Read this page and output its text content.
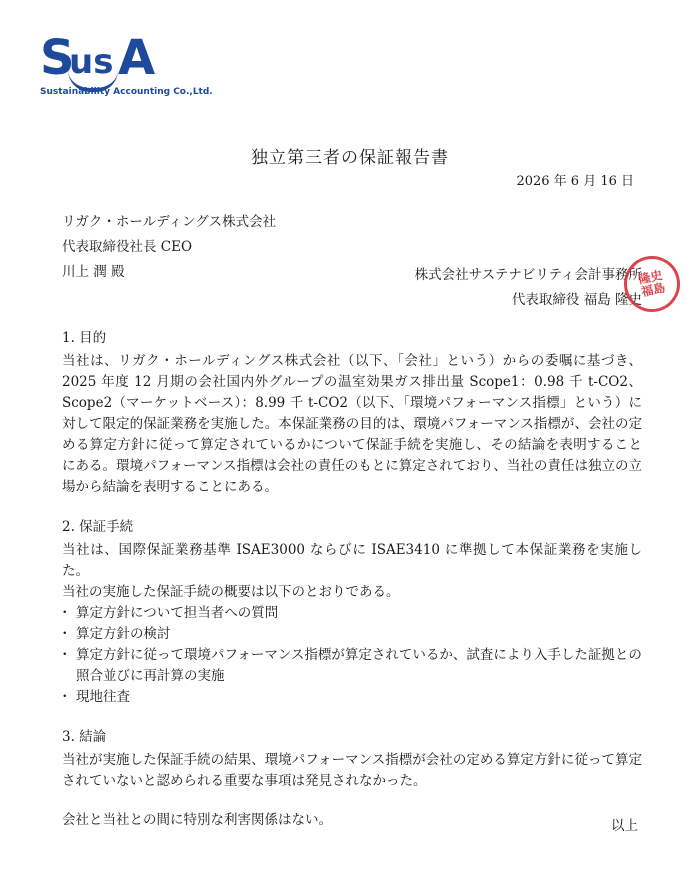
S
us A
Sustainability Accounting Co.,Ltd.
独立第三者の保証報告書
2026 年 6 月 16 日
リガク・ホールディングス株式会社
代表取締役社長 CEO
川上 潤 殿	株式会社サステナビリティ会計事務所
代表取締役 福島 隆史
隆史
福島
1. 目的
当社は、リガク・ホールディングス株式会社（以下、「会社」という）からの委嘱に基づき、2025 年度 12 月期の会社国内外グループの温室効果ガス排出量 Scope1：0.98 千 t-CO2、Scope2（マーケットベース）：8.99 千 t-CO2（以下、「環境パフォーマンス指標」という）に対して限定的保証業務を実施した。本保証業務の目的は、環境パフォーマンス指標が、会社の定める算定方針に従って算定されているかについて保証手続を実施し、その結論を表明することにある。環境パフォーマンス指標は会社の責任のもとに算定されており、当社の責任は独立の立場から結論を表明することにある。
2. 保証手続
当社は、国際保証業務基準 ISAE3000 ならびに ISAE3410 に準拠して本保証業務を実施した。
当社の実施した保証手続の概要は以下のとおりである。
・ 算定方針について担当者への質問
・ 算定方針の検討
・ 算定方針に従って環境パフォーマンス指標が算定されているか、試査により入手した証拠との照合並びに再計算の実施
・ 現地往査
3. 結論
当社が実施した保証手続の結果、環境パフォーマンス指標が会社の定める算定方針に従って算定されていないと認められる重要な事項は発見されなかった。
会社と当社との間に特別な利害関係はない。	以上
